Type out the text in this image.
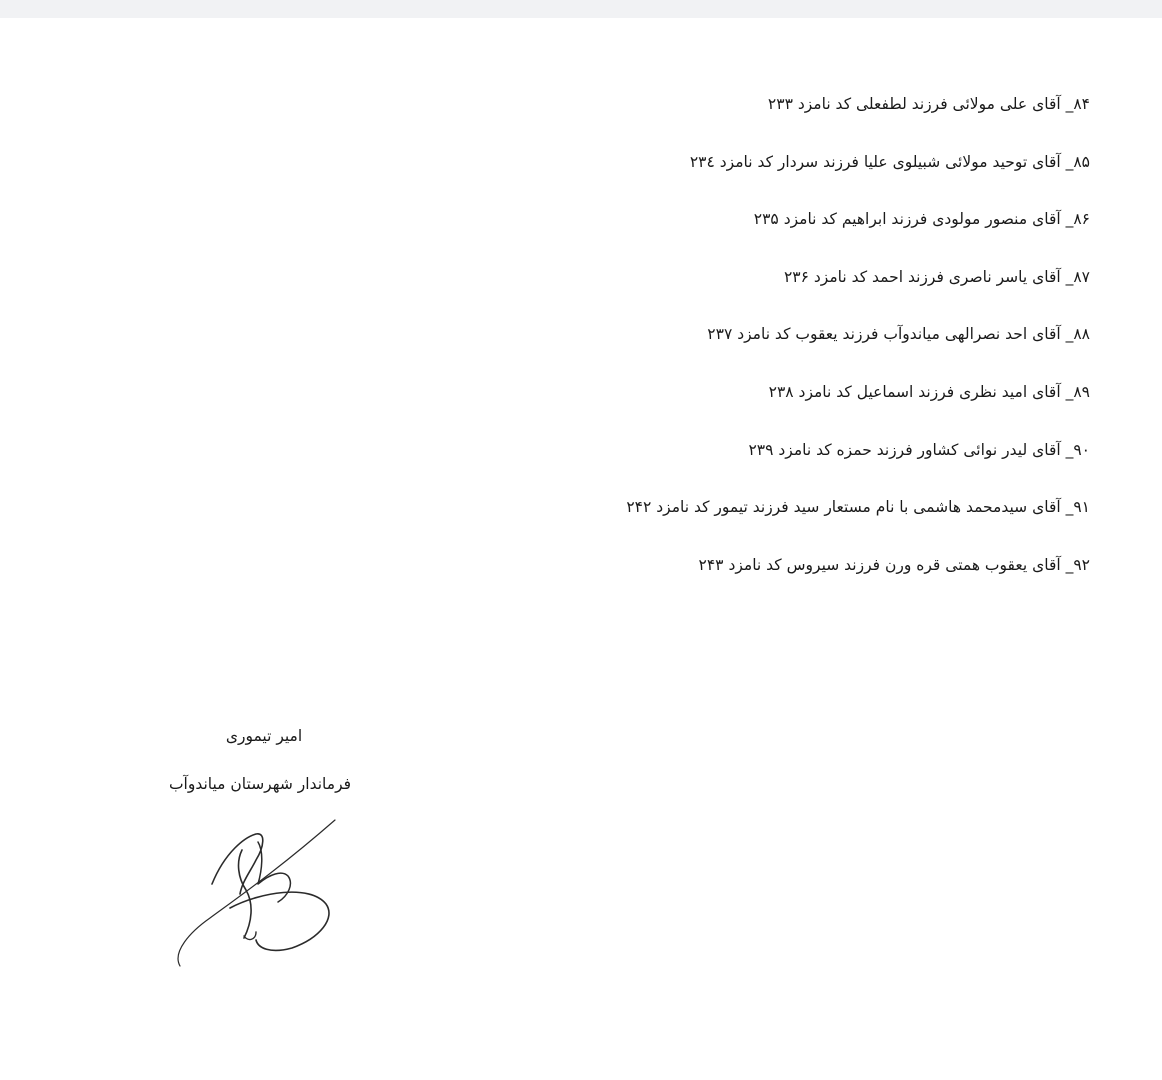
۸۴_ آقای علی مولائی فرزند لطفعلی کد نامزد ۲۳۳
۸۵_ آقای توحید مولائی شبیلوی علیا فرزند سردار کد نامزد ۲۳٤
۸۶_ آقای منصور مولودی فرزند ابراهیم کد نامزد ۲۳۵
۸۷_ آقای یاسر ناصری فرزند احمد کد نامزد ۲۳۶
۸۸_ آقای احد نصرالهی میاندوآب فرزند یعقوب کد نامزد ۲۳۷
۸۹_ آقای امید نظری فرزند اسماعیل کد نامزد ۲۳۸
۹۰_ آقای لیدر نوائی کشاور فرزند حمزه کد نامزد ۲۳۹
۹۱_ آقای سیدمحمد هاشمی با نام مستعار سید فرزند تیمور کد نامزد ۲۴۲
۹۲_ آقای یعقوب همتی قره ورن فرزند سیروس کد نامزد ۲۴۳
امیر تیموری
فرماندار شهرستان میاندوآب
